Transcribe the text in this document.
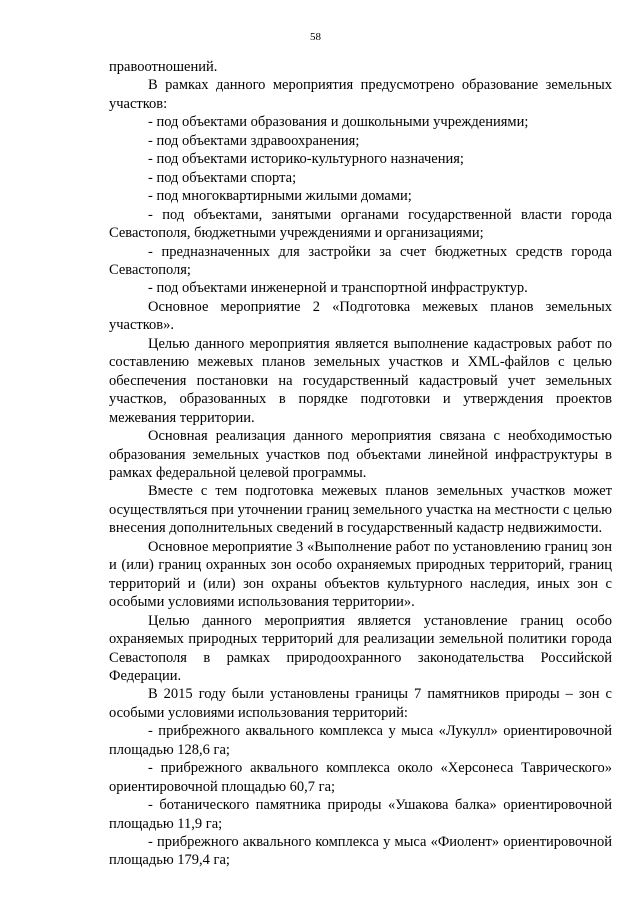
58

правоотношений.

В рамках данного мероприятия предусмотрено образование земельных участков:

- под объектами образования и дошкольными учреждениями;

- под объектами здравоохранения;

- под объектами историко-культурного назначения;

- под объектами спорта;

- под многоквартирными жилыми домами;

- под объектами, занятыми органами государственной власти города Севастополя, бюджетными учреждениями и организациями;

- предназначенных для застройки за счет бюджетных средств города Севастополя;

- под объектами инженерной и транспортной инфраструктур.

Основное мероприятие 2 «Подготовка межевых планов земельных участков».

Целью данного мероприятия является выполнение кадастровых работ по составлению межевых планов земельных участков и XML-файлов с целью обеспечения постановки на государственный кадастровый учет земельных участков, образованных в порядке подготовки и утверждения проектов межевания территории.

Основная реализация данного мероприятия связана с необходимостью образования земельных участков под объектами линейной инфраструктуры в рамках федеральной целевой программы.

Вместе с тем подготовка межевых планов земельных участков может осуществляться при уточнении границ земельного участка на местности с целью внесения дополнительных сведений в государственный кадастр недвижимости.

Основное мероприятие 3 «Выполнение работ по установлению границ зон и (или) границ охранных зон особо охраняемых природных территорий, границ территорий и (или) зон охраны объектов культурного наследия, иных зон с особыми условиями использования территории».

Целью данного мероприятия является установление границ особо охраняемых природных территорий для реализации земельной политики города Севастополя в рамках природоохранного законодательства Российской Федерации.

В 2015 году были установлены границы 7 памятников природы – зон с особыми условиями использования территорий:

- прибрежного аквального комплекса у мыса «Лукулл» ориентировочной площадью 128,6 га;

- прибрежного аквального комплекса около «Херсонеса Таврического» ориентировочной площадью 60,7 га;

- ботанического памятника природы «Ушакова балка» ориентировочной площадью 11,9 га;

- прибрежного аквального комплекса у мыса «Фиолент» ориентировочной площадью 179,4 га;
